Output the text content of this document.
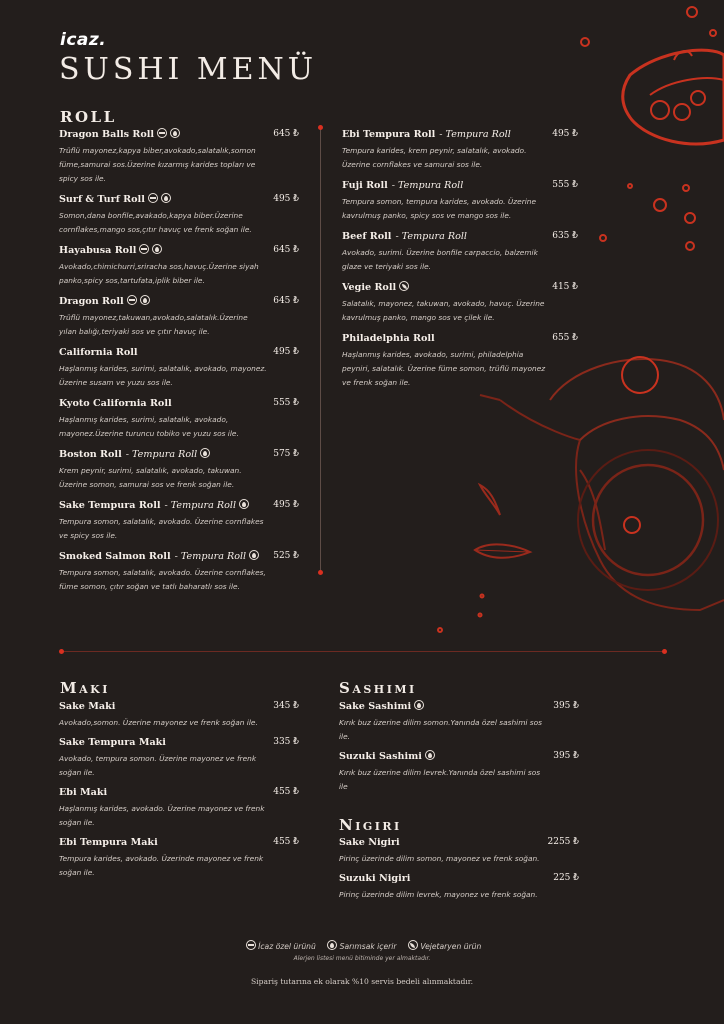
icaz.
SUSHI MENÜ
ROLL
Dragon Balls Roll	645 ₺
Trüflü mayonez,kapya biber,avokado,salatalık,somon füme,samurai sos.Üzerine kızarmış karides topları ve spicy sos ile.
Surf & Turf Roll	495 ₺
Somon,dana bonfile,avakado,kapya biber.Üzerine cornflakes,mango sos,çıtır havuç ve frenk soğan ile.
Hayabusa Roll	645 ₺
Avokado,chimichurri,sriracha sos,havuç.Üzerine siyah panko,spicy sos,tartufata,iplik biber ile.
Dragon Roll	645 ₺
Trüflü mayonez,takuwan,avokado,salatalık.Üzerine yılan balığı,teriyaki sos ve çıtır havuç ile.
California Roll	495 ₺
Haşlanmış karides, surimi, salatalık, avokado, mayonez. Üzerine susam ve yuzu sos ile.
Kyoto California Roll	555 ₺
Haşlanmış karides, surimi, salatalık, avokado, mayonez.Üzerine turuncu tobiko ve yuzu sos ile.
Boston Roll - Tempura Roll	575 ₺
Krem peynir, surimi, salatalık, avokado, takuwan. Üzerine somon, samurai sos ve frenk soğan ile.
Sake Tempura Roll - Tempura Roll	495 ₺
Tempura somon, salatalık, avokado. Üzerine cornflakes ve spicy sos ile.
Smoked Salmon Roll - Tempura Roll	525 ₺
Tempura somon, salatalık, avokado. Üzerine cornflakes, füme somon, çıtır soğan ve tatlı baharatlı sos ile.
Ebi Tempura Roll - Tempura Roll	495 ₺
Tempura karides, krem peynir, salatalık, avokado. Üzerine cornflakes ve samurai sos ile.
Fuji Roll - Tempura Roll	555 ₺
Tempura somon, tempura karides, avokado. Üzerine kavrulmuş panko, spicy sos ve mango sos ile.
Beef Roll - Tempura Roll	635 ₺
Avokado, surimi. Üzerine bonfile carpaccio, balzemik glaze ve teriyaki sos ile.
Vegie Roll	415 ₺
Salatalık, mayonez, takuwan, avokado, havuç. Üzerine kavrulmuş panko, mango sos ve çilek ile.
Philadelphia Roll	655 ₺
Haşlanmış karides, avokado, surimi, philadelphia peyniri, salatalık. Üzerine füme somon, trüflü mayonez ve frenk soğan ile.
Maki
Sake Maki	345 ₺
Avokado,somon. Üzerine mayonez ve frenk soğan ile.
Sake Tempura Maki	335 ₺
Avokado, tempura somon. Üzerine mayonez ve frenk soğan ile.
Ebi Maki	455 ₺
Haşlanmış karides, avokado. Üzerine mayonez ve frenk soğan ile.
Ebi Tempura Maki	455 ₺
Tempura karides, avokado. Üzerinde mayonez ve frenk soğan ile.
Sashimi
Sake Sashimi	395 ₺
Kırık buz üzerine dilim somon.Yanında özel sashimi sos ile.
Suzuki Sashimi	395 ₺
Kırık buz üzerine dilim levrek.Yanında özel sashimi sos ile
Nigiri
Sake Nigiri	2255 ₺
Pirinç üzerinde dilim somon, mayonez ve frenk soğan.
Suzuki Nigiri	225 ₺
Pirinç üzerinde dilim levrek, mayonez ve frenk soğan.
İcaz özel ürünü	Sarımsak içerir	Vejetaryen ürün
Alerjen listesi menü bitiminde yer almaktadır.
Sipariş tutarına ek olarak %10 servis bedeli alınmaktadır.
